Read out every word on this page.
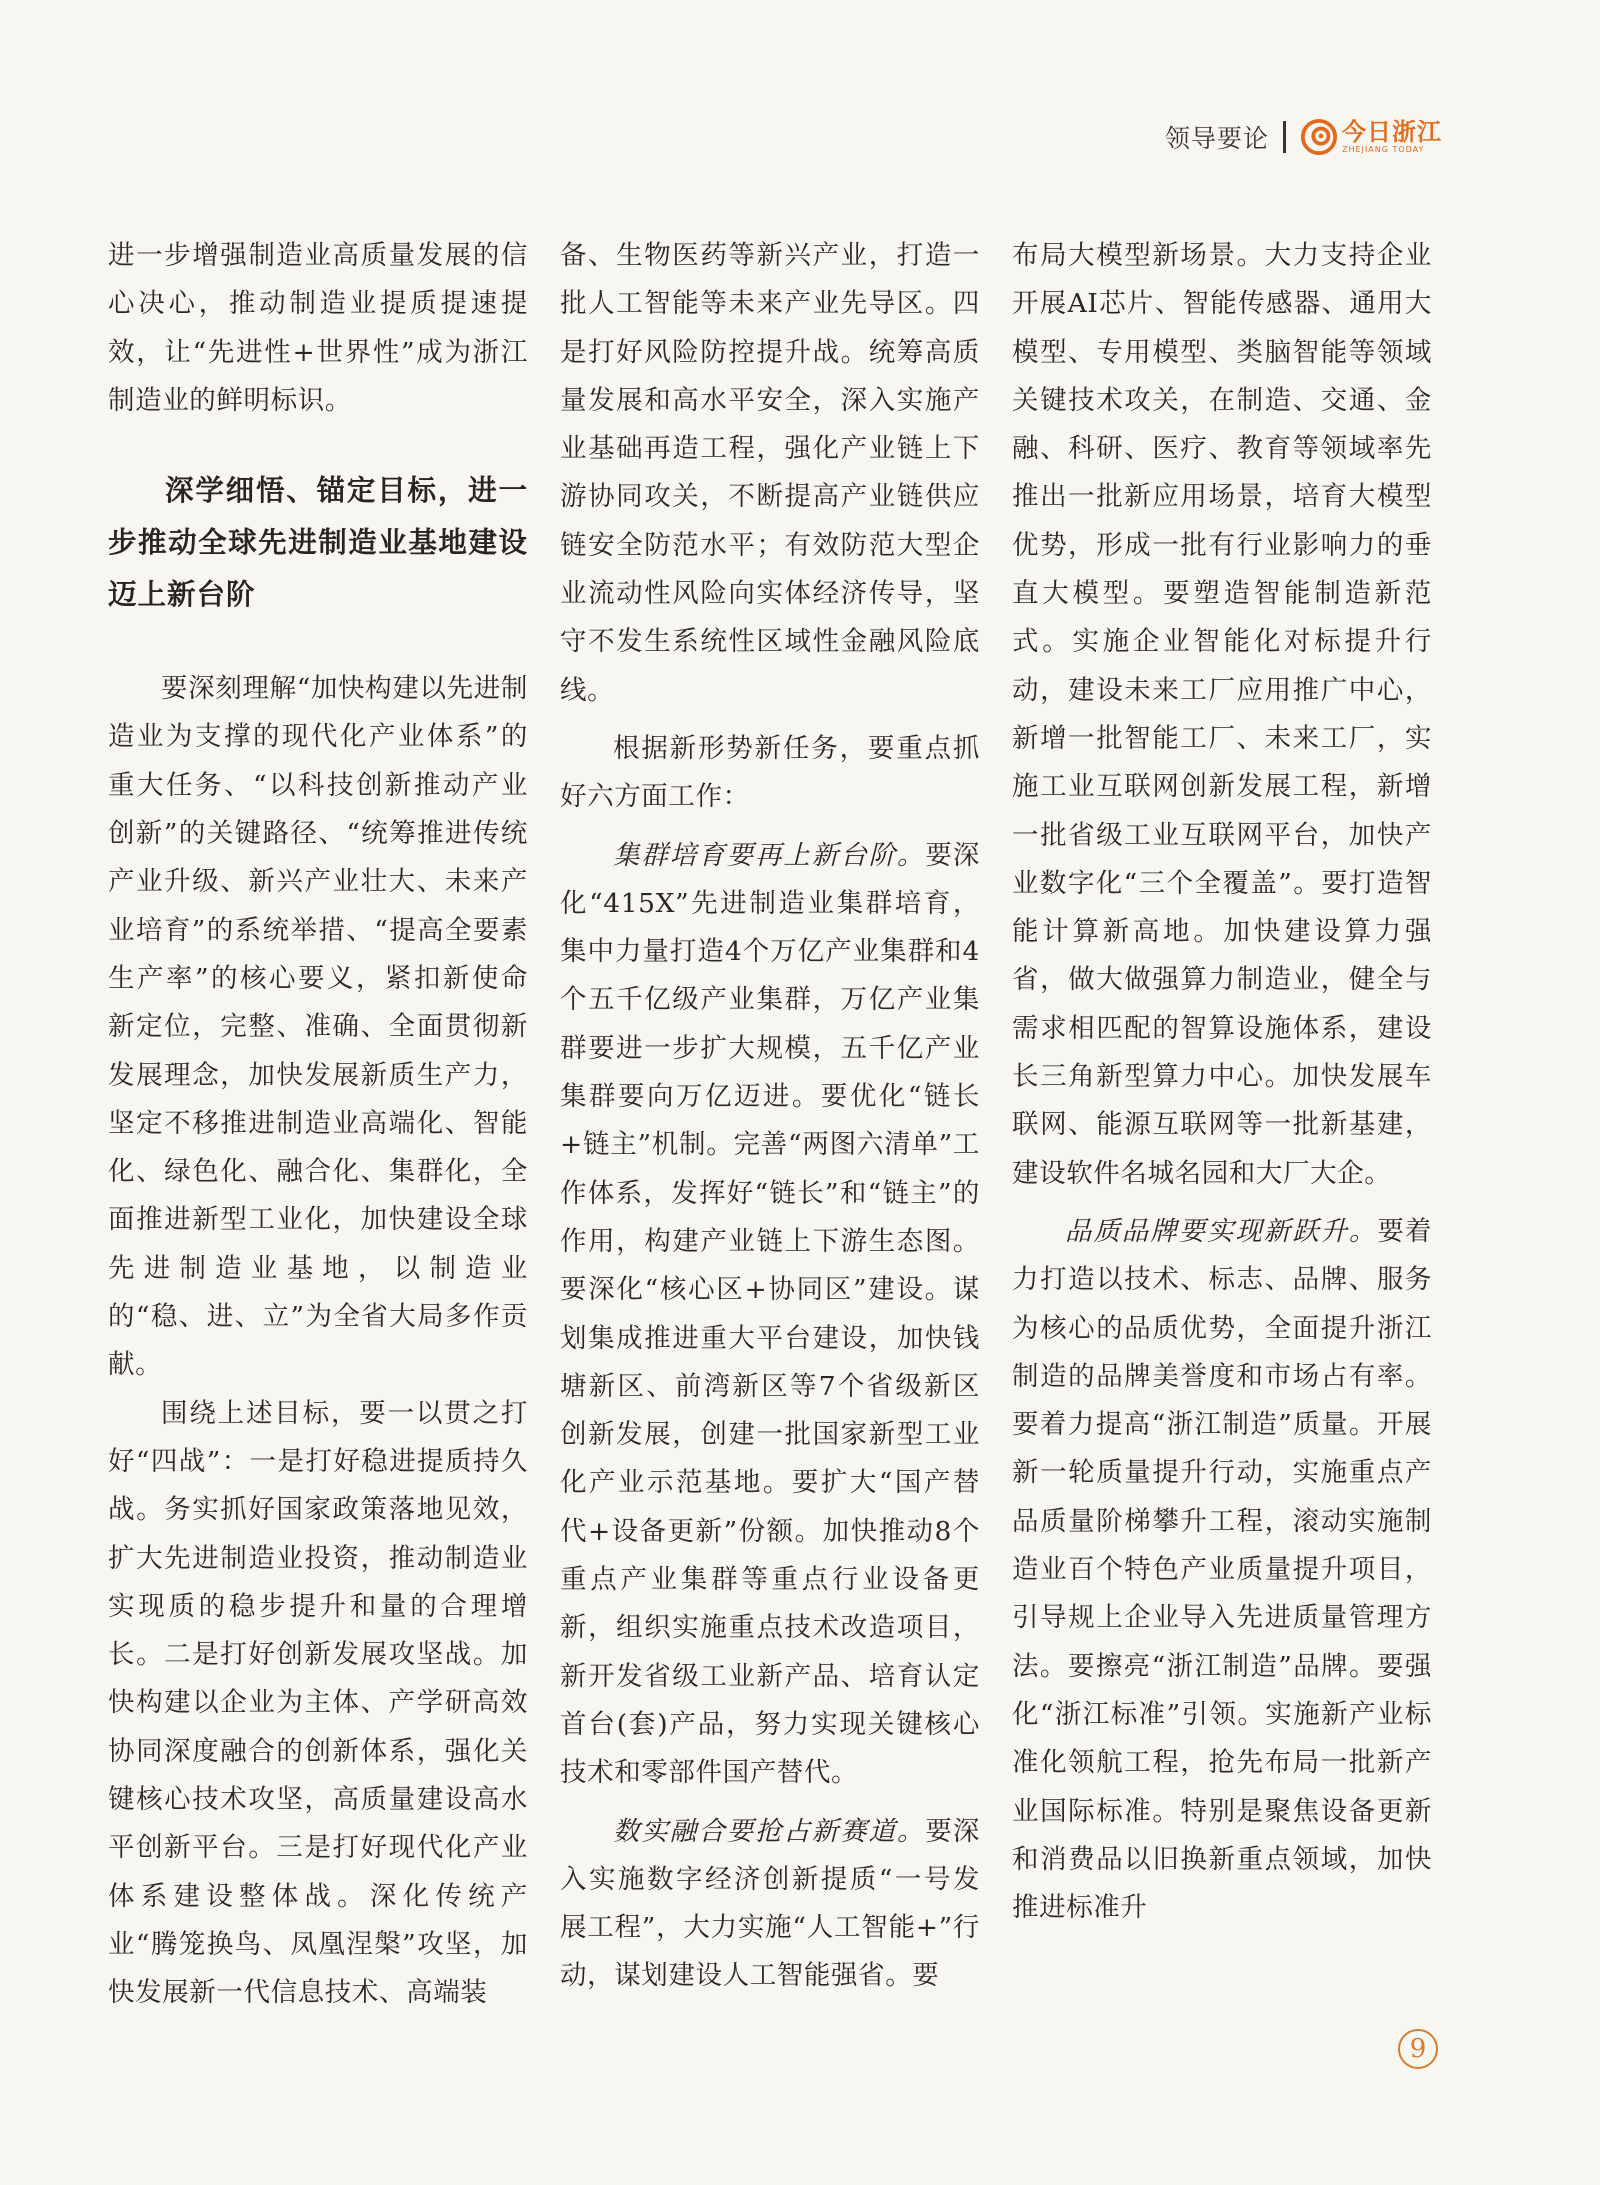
领导要论	今日浙江
ZHEJIANG TODAY

进一步增强制造业高质量发展的信心决心，推动制造业提质提速提效，让“先进性+世界性”成为浙江制造业的鲜明标识。

深学细悟、锚定目标，进一步推动全球先进制造业基地建设迈上新台阶

要深刻理解“加快构建以先进制造业为支撑的现代化产业体系”的重大任务、“以科技创新推动产业创新”的关键路径、“统筹推进传统产业升级、新兴产业壮大、未来产业培育”的系统举措、“提高全要素生产率”的核心要义，紧扣新使命新定位，完整、准确、全面贯彻新发展理念，加快发展新质生产力，坚定不移推进制造业高端化、智能化、绿色化、融合化、集群化，全面推进新型工业化，加快建设全球先进制造业基地，以制造业的“稳、进、立”为全省大局多作贡献。

围绕上述目标，要一以贯之打好“四战”：一是打好稳进提质持久战。务实抓好国家政策落地见效，扩大先进制造业投资，推动制造业实现质的稳步提升和量的合理增长。二是打好创新发展攻坚战。加快构建以企业为主体、产学研高效协同深度融合的创新体系，强化关键核心技术攻坚，高质量建设高水平创新平台。三是打好现代化产业体系建设整体战。深化传统产业“腾笼换鸟、凤凰涅槃”攻坚，加快发展新一代信息技术、高端装

备、生物医药等新兴产业，打造一批人工智能等未来产业先导区。四是打好风险防控提升战。统筹高质量发展和高水平安全，深入实施产业基础再造工程，强化产业链上下游协同攻关，不断提高产业链供应链安全防范水平；有效防范大型企业流动性风险向实体经济传导，坚守不发生系统性区域性金融风险底线。

根据新形势新任务，要重点抓好六方面工作：

集群培育要再上新台阶。要深化“415X”先进制造业集群培育，集中力量打造4个万亿产业集群和4个五千亿级产业集群，万亿产业集群要进一步扩大规模，五千亿产业集群要向万亿迈进。要优化“链长+链主”机制。完善“两图六清单”工作体系，发挥好“链长”和“链主”的作用，构建产业链上下游生态图。要深化“核心区+协同区”建设。谋划集成推进重大平台建设，加快钱塘新区、前湾新区等7个省级新区创新发展，创建一批国家新型工业化产业示范基地。要扩大“国产替代+设备更新”份额。加快推动8个重点产业集群等重点行业设备更新，组织实施重点技术改造项目，新开发省级工业新产品、培育认定首台(套)产品，努力实现关键核心技术和零部件国产替代。

数实融合要抢占新赛道。要深入实施数字经济创新提质“一号发展工程”，大力实施“人工智能+”行动，谋划建设人工智能强省。要

布局大模型新场景。大力支持企业开展AI芯片、智能传感器、通用大模型、专用模型、类脑智能等领域关键技术攻关，在制造、交通、金融、科研、医疗、教育等领域率先推出一批新应用场景，培育大模型优势，形成一批有行业影响力的垂直大模型。要塑造智能制造新范式。实施企业智能化对标提升行动，建设未来工厂应用推广中心，新增一批智能工厂、未来工厂，实施工业互联网创新发展工程，新增一批省级工业互联网平台，加快产业数字化“三个全覆盖”。要打造智能计算新高地。加快建设算力强省，做大做强算力制造业，健全与需求相匹配的智算设施体系，建设长三角新型算力中心。加快发展车联网、能源互联网等一批新基建，建设软件名城名园和大厂大企。

品质品牌要实现新跃升。要着力打造以技术、标志、品牌、服务为核心的品质优势，全面提升浙江制造的品牌美誉度和市场占有率。要着力提高“浙江制造”质量。开展新一轮质量提升行动，实施重点产品质量阶梯攀升工程，滚动实施制造业百个特色产业质量提升项目，引导规上企业导入先进质量管理方法。要擦亮“浙江制造”品牌。要强化“浙江标准”引领。实施新产业标准化领航工程，抢先布局一批新产业国际标准。特别是聚焦设备更新和消费品以旧换新重点领域，加快推进标准升

9
